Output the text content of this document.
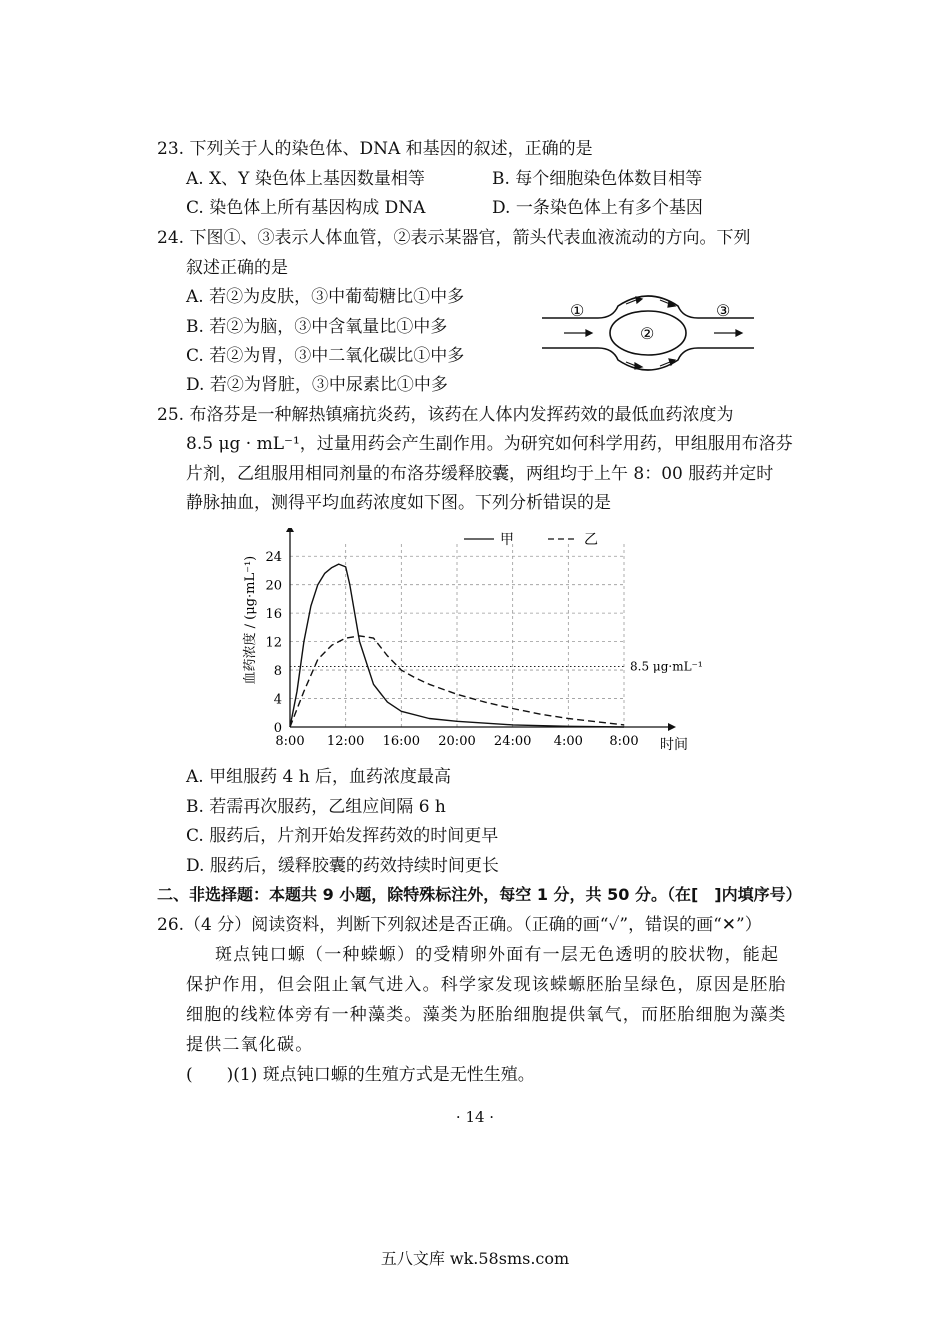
23. 下列关于人的染色体、DNA 和基因的叙述，正确的是
A. X、Y 染色体上基因数量相等	B. 每个细胞染色体数目相等
C. 染色体上所有基因构成 DNA	D. 一条染色体上有多个基因
24. 下图①、③表示人体血管，②表示某器官，箭头代表血液流动的方向。下列
叙述正确的是
A. 若②为皮肤，③中葡萄糖比①中多
B. 若②为脑，③中含氧量比①中多
C. 若②为胃，③中二氧化碳比①中多
D. 若②为肾脏，③中尿素比①中多
①
②
③
25. 布洛芬是一种解热镇痛抗炎药，该药在人体内发挥药效的最低血药浓度为
8.5 μg · mL⁻¹，过量用药会产生副作用。为研究如何科学用药，甲组服用布洛芬
片剂，乙组服用相同剂量的布洛芬缓释胶囊，两组均于上午 8：00 服药并定时
静脉抽血，测得平均血药浓度如下图。下列分析错误的是
8:00 12:00 16:00 20:00 24:00 4:00 8:00
0
4
8
12
16
20
24
8.5 μg·mL⁻¹
时间
血药浓度 / (μg·mL⁻¹)
甲	乙
A. 甲组服药 4 h 后，血药浓度最高
B. 若需再次服药，乙组应间隔 6 h
C. 服药后，片剂开始发挥药效的时间更早
D. 服药后，缓释胶囊的药效持续时间更长
二、非选择题：本题共 9 小题，除特殊标注外，每空 1 分，共 50 分。（在[　]内填序号）
26.（4 分）阅读资料，判断下列叙述是否正确。（正确的画“✓”，错误的画“✕”）
斑点钝口螈（一种蝾螈）的受精卵外面有一层无色透明的胶状物，能起
保护作用，但会阻止氧气进入。科学家发现该蝾螈胚胎呈绿色，原因是胚胎
细胞的线粒体旁有一种藻类。藻类为胚胎细胞提供氧气，而胚胎细胞为藻类
提供二氧化碳。
(　　)(1) 斑点钝口螈的生殖方式是无性生殖。
· 14 ·
五八文库 wk.58sms.com
